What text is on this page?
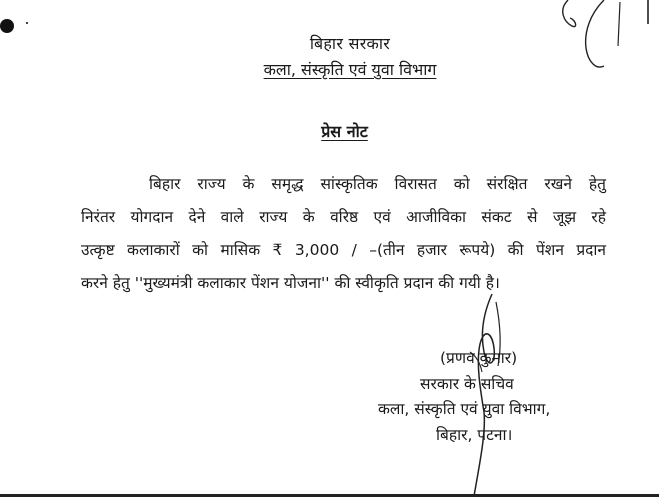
बिहार सरकार
कला, संस्कृति एवं युवा विभाग
प्रेस नोट
बिहार राज्य के समृद्ध सांस्कृतिक विरासत को संरक्षित रखने हेतु
निरंतर योगदान देने वाले राज्य के वरिष्ठ एवं आजीविका संकट से जूझ रहे
उत्कृष्ट कलाकारों को मासिक ₹ 3,000 / –(तीन हजार रूपये) की पेंशन प्रदान
करने हेतु ''मुख्यमंत्री कलाकार पेंशन योजना'' की स्वीकृति प्रदान की गयी है।
(प्रणव कुमार)
सरकार के सचिव
कला, संस्कृति एवं युवा विभाग,
बिहार, पटना।
